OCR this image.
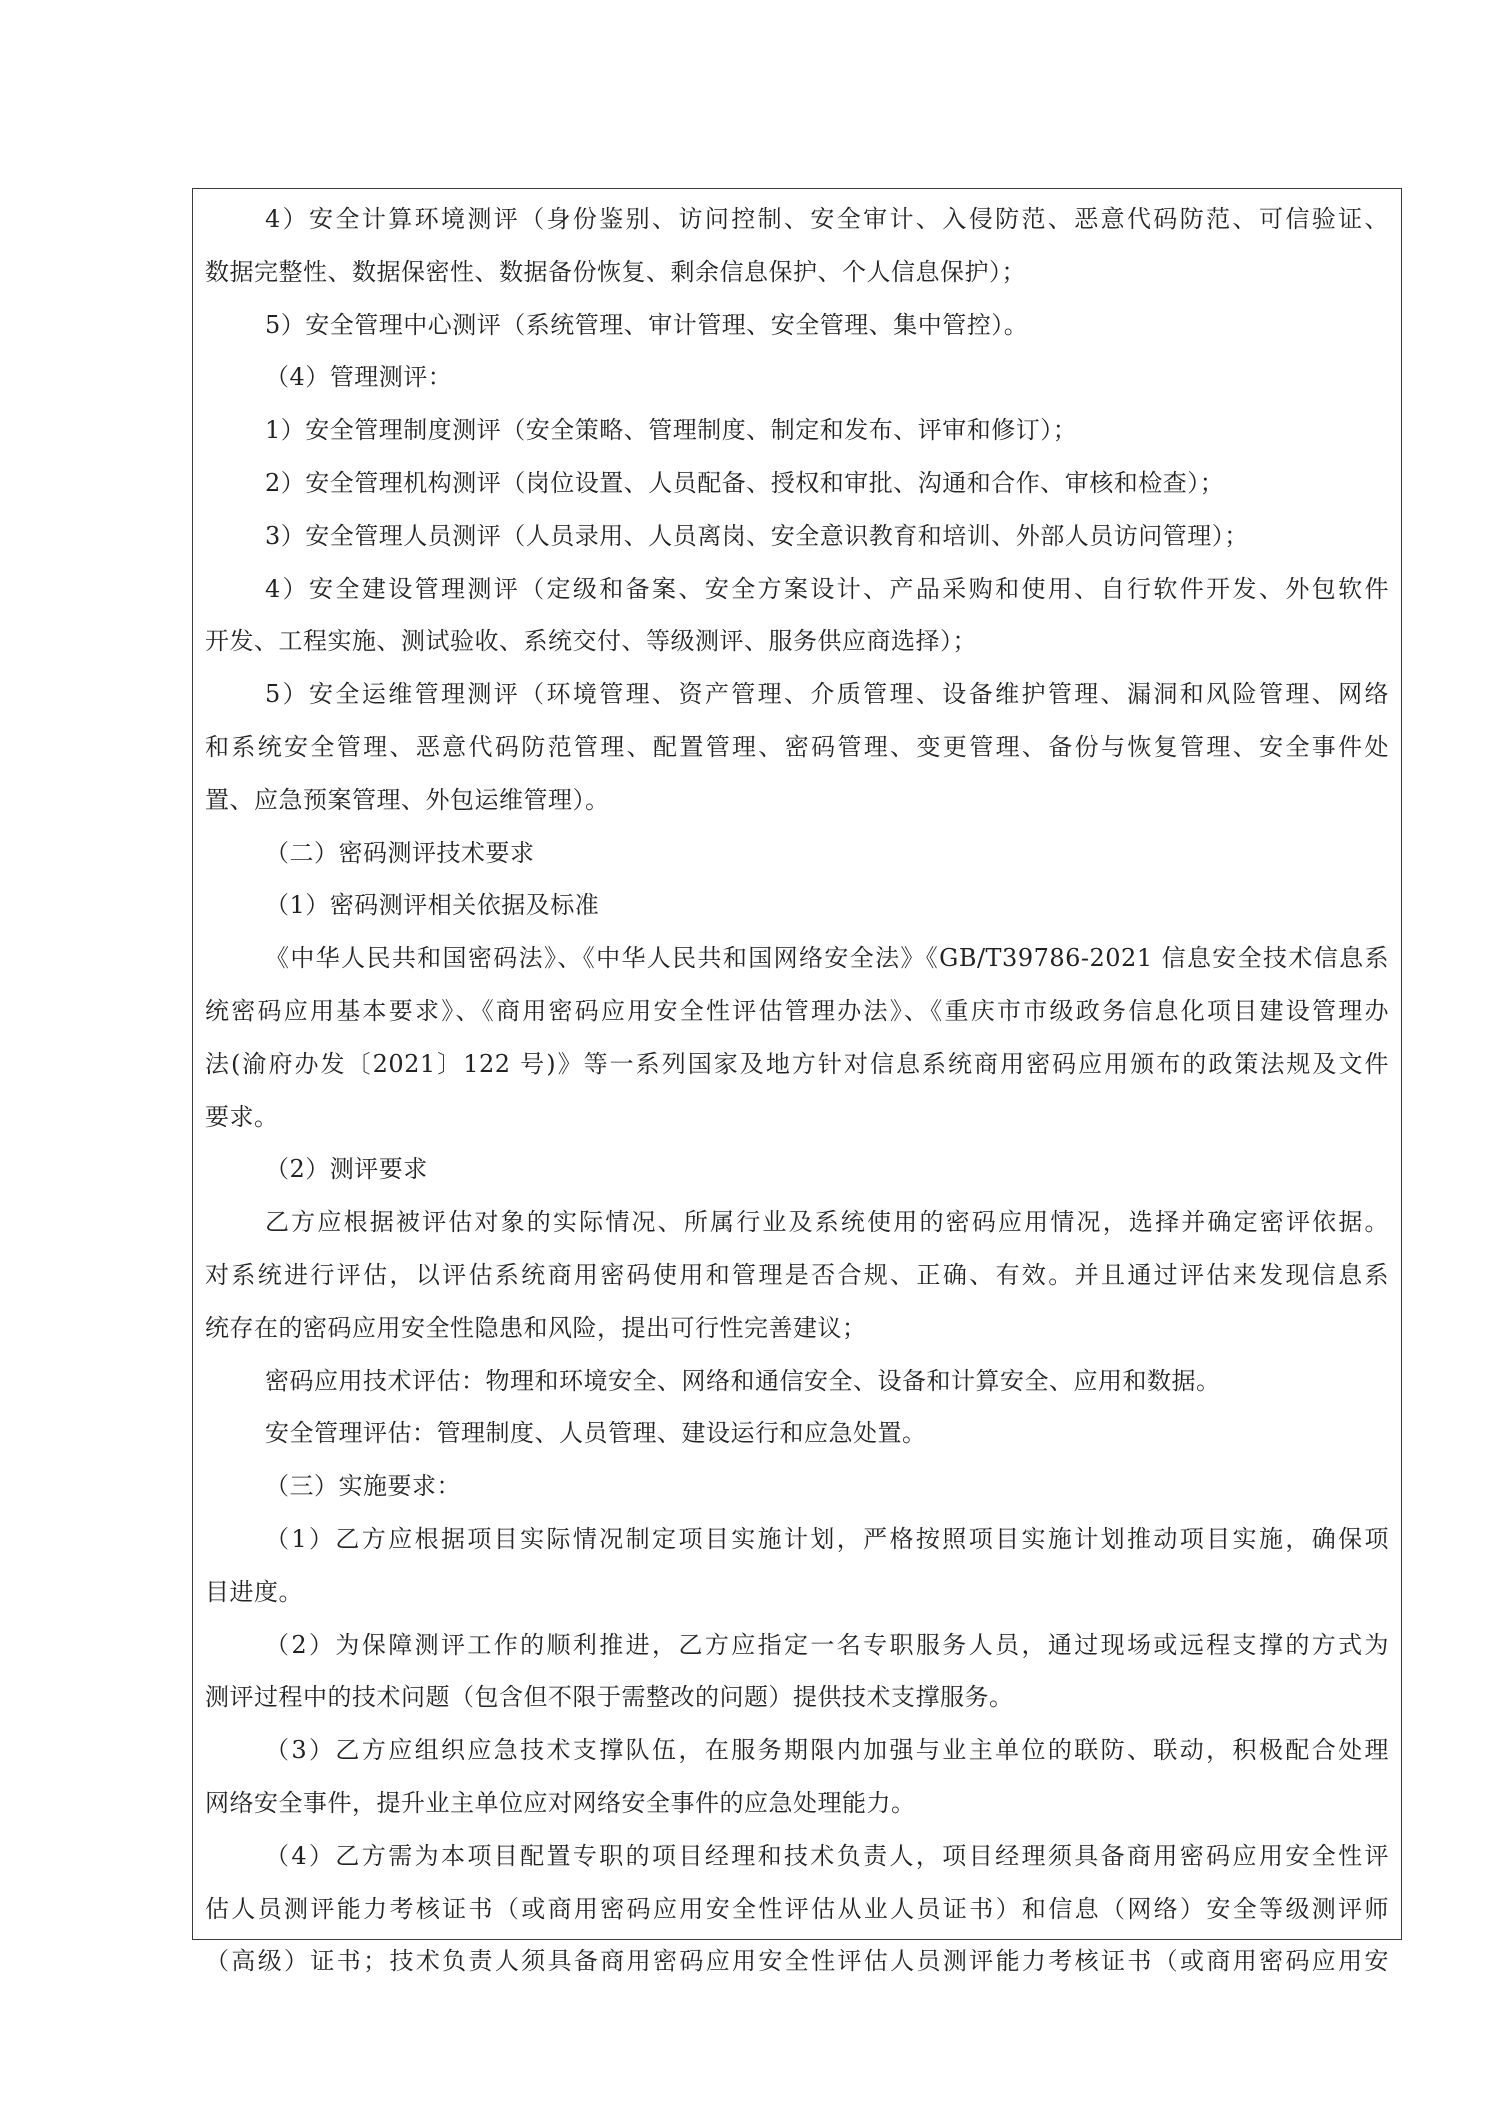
4）安全计算环境测评（身份鉴别、访问控制、安全审计、入侵防范、恶意代码防范、可信验证、

数据完整性、数据保密性、数据备份恢复、剩余信息保护、个人信息保护）；

5）安全管理中心测评（系统管理、审计管理、安全管理、集中管控）。

（4）管理测评：

1）安全管理制度测评（安全策略、管理制度、制定和发布、评审和修订）；

2）安全管理机构测评（岗位设置、人员配备、授权和审批、沟通和合作、审核和检查）；

3）安全管理人员测评（人员录用、人员离岗、安全意识教育和培训、外部人员访问管理）；

4）安全建设管理测评（定级和备案、安全方案设计、产品采购和使用、自行软件开发、外包软件

开发、工程实施、测试验收、系统交付、等级测评、服务供应商选择）；

5）安全运维管理测评（环境管理、资产管理、介质管理、设备维护管理、漏洞和风险管理、网络

和系统安全管理、恶意代码防范管理、配置管理、密码管理、变更管理、备份与恢复管理、安全事件处

置、应急预案管理、外包运维管理）。

（二）密码测评技术要求

（1）密码测评相关依据及标准

《中华人民共和国密码法》、《中华人民共和国网络安全法》《GB/T39786-2021 信息安全技术信息系

统密码应用基本要求》、《商用密码应用安全性评估管理办法》、《重庆市市级政务信息化项目建设管理办

法(渝府办发〔2021〕122 号)》等一系列国家及地方针对信息系统商用密码应用颁布的政策法规及文件

要求。

（2）测评要求

乙方应根据被评估对象的实际情况、所属行业及系统使用的密码应用情况，选择并确定密评依据。

对系统进行评估，以评估系统商用密码使用和管理是否合规、正确、有效。并且通过评估来发现信息系

统存在的密码应用安全性隐患和风险，提出可行性完善建议；

密码应用技术评估：物理和环境安全、网络和通信安全、设备和计算安全、应用和数据。

安全管理评估：管理制度、人员管理、建设运行和应急处置。

（三）实施要求：

（1）乙方应根据项目实际情况制定项目实施计划，严格按照项目实施计划推动项目实施，确保项

目进度。

（2）为保障测评工作的顺利推进，乙方应指定一名专职服务人员，通过现场或远程支撑的方式为

测评过程中的技术问题（包含但不限于需整改的问题）提供技术支撑服务。

（3）乙方应组织应急技术支撑队伍，在服务期限内加强与业主单位的联防、联动，积极配合处理

网络安全事件，提升业主单位应对网络安全事件的应急处理能力。

（4）乙方需为本项目配置专职的项目经理和技术负责人，项目经理须具备商用密码应用安全性评

估人员测评能力考核证书（或商用密码应用安全性评估从业人员证书）和信息（网络）安全等级测评师

（高级）证书；技术负责人须具备商用密码应用安全性评估人员测评能力考核证书（或商用密码应用安
